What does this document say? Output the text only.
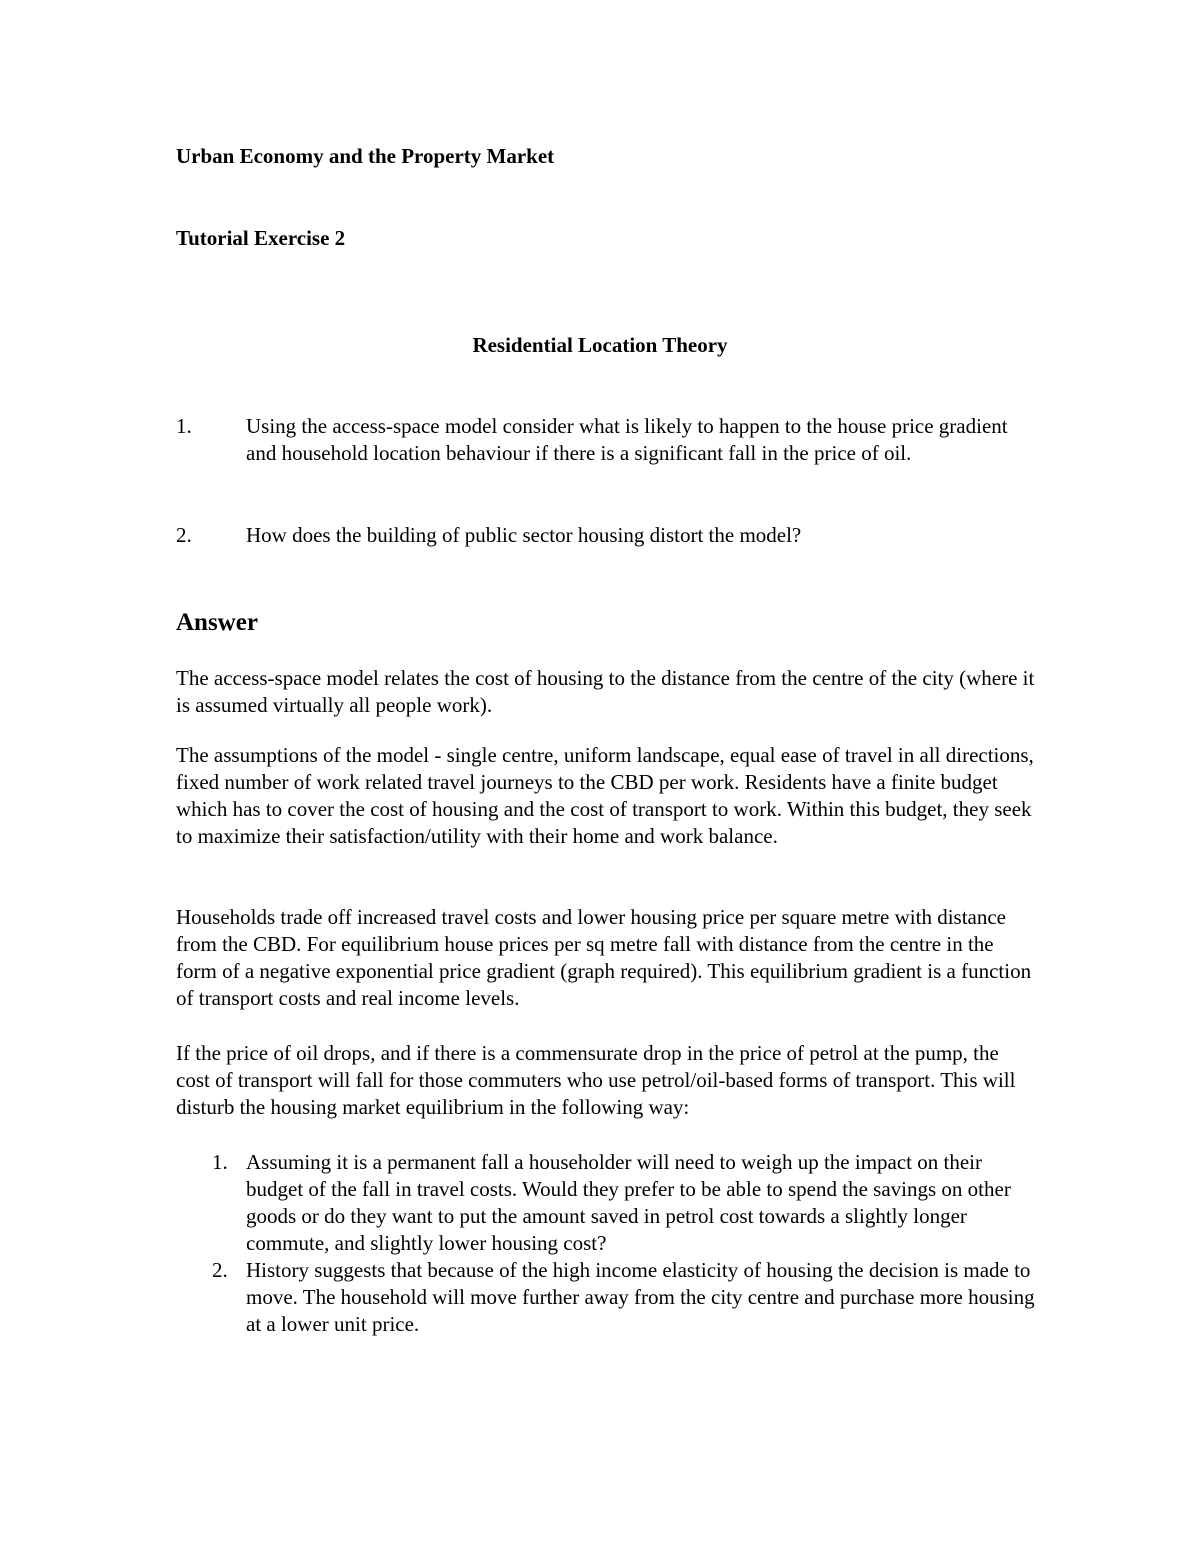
Urban Economy and the Property Market

Tutorial Exercise 2

Residential Location Theory

1.	Using the access-space model consider what is likely to happen to the house price gradient and household location behaviour if there is a significant fall in the price of oil.
2.	How does the building of public sector housing distort the model?
Answer

The access-space model relates the cost of housing to the distance from the centre of the city (where it is assumed virtually all people work).

The assumptions of the model - single centre, uniform landscape, equal ease of travel in all directions, fixed number of work related travel journeys to the CBD per work. Residents have a finite budget which has to cover the cost of housing and the cost of transport to work. Within this budget, they seek to maximize their satisfaction/utility with their home and work balance.

Households trade off increased travel costs and lower housing price per square metre with distance from the CBD. For equilibrium house prices per sq metre fall with distance from the centre in the form of a negative exponential price gradient (graph required). This equilibrium gradient is a function of transport costs and real income levels.

If the price of oil drops, and if there is a commensurate drop in the price of petrol at the pump, the cost of transport will fall for those commuters who use petrol/oil-based forms of transport. This will disturb the housing market equilibrium in the following way:

1. Assuming it is a permanent fall a householder will need to weigh up the impact on their budget of the fall in travel costs. Would they prefer to be able to spend the savings on other goods or do they want to put the amount saved in petrol cost towards a slightly longer commute, and slightly lower housing cost?
2. History suggests that because of the high income elasticity of housing the decision is made to move. The household will move further away from the city centre and purchase more housing at a lower unit price.
